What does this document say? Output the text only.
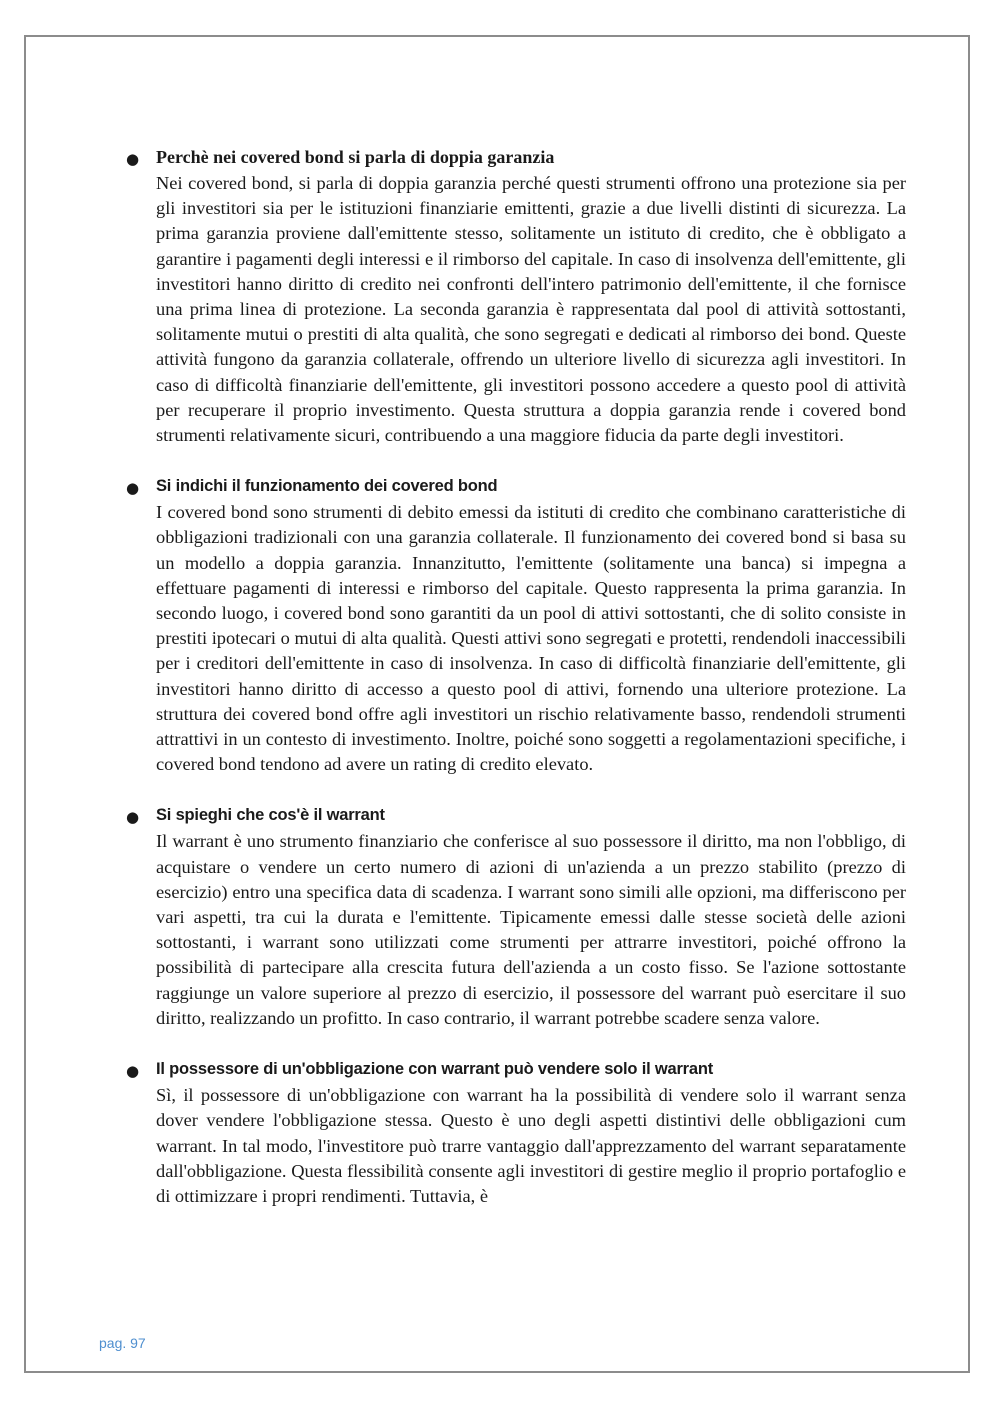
● Perchè nei covered bond si parla di doppia garanzia

Nei covered bond, si parla di doppia garanzia perché questi strumenti offrono una protezione sia per gli investitori sia per le istituzioni finanziarie emittenti, grazie a due livelli distinti di sicurezza. La prima garanzia proviene dall'emittente stesso, solitamente un istituto di credito, che è obbligato a garantire i pagamenti degli interessi e il rimborso del capitale. In caso di insolvenza dell'emittente, gli investitori hanno diritto di credito nei confronti dell'intero patrimonio dell'emittente, il che fornisce una prima linea di protezione. La seconda garanzia è rappresentata dal pool di attività sottostanti, solitamente mutui o prestiti di alta qualità, che sono segregati e dedicati al rimborso dei bond. Queste attività fungono da garanzia collaterale, offrendo un ulteriore livello di sicurezza agli investitori. In caso di difficoltà finanziarie dell'emittente, gli investitori possono accedere a questo pool di attività per recuperare il proprio investimento. Questa struttura a doppia garanzia rende i covered bond strumenti relativamente sicuri, contribuendo a una maggiore fiducia da parte degli investitori.

● Si indichi il funzionamento dei covered bond

I covered bond sono strumenti di debito emessi da istituti di credito che combinano caratteristiche di obbligazioni tradizionali con una garanzia collaterale. Il funzionamento dei covered bond si basa su un modello a doppia garanzia. Innanzitutto, l'emittente (solitamente una banca) si impegna a effettuare pagamenti di interessi e rimborso del capitale. Questo rappresenta la prima garanzia. In secondo luogo, i covered bond sono garantiti da un pool di attivi sottostanti, che di solito consiste in prestiti ipotecari o mutui di alta qualità. Questi attivi sono segregati e protetti, rendendoli inaccessibili per i creditori dell'emittente in caso di insolvenza. In caso di difficoltà finanziarie dell'emittente, gli investitori hanno diritto di accesso a questo pool di attivi, fornendo una ulteriore protezione. La struttura dei covered bond offre agli investitori un rischio relativamente basso, rendendoli strumenti attrattivi in un contesto di investimento. Inoltre, poiché sono soggetti a regolamentazioni specifiche, i covered bond tendono ad avere un rating di credito elevato.

● Si spieghi che cos'è il warrant

Il warrant è uno strumento finanziario che conferisce al suo possessore il diritto, ma non l'obbligo, di acquistare o vendere un certo numero di azioni di un'azienda a un prezzo stabilito (prezzo di esercizio) entro una specifica data di scadenza. I warrant sono simili alle opzioni, ma differiscono per vari aspetti, tra cui la durata e l'emittente. Tipicamente emessi dalle stesse società delle azioni sottostanti, i warrant sono utilizzati come strumenti per attrarre investitori, poiché offrono la possibilità di partecipare alla crescita futura dell'azienda a un costo fisso. Se l'azione sottostante raggiunge un valore superiore al prezzo di esercizio, il possessore del warrant può esercitare il suo diritto, realizzando un profitto. In caso contrario, il warrant potrebbe scadere senza valore.

● Il possessore di un'obbligazione con warrant può vendere solo il warrant

Sì, il possessore di un'obbligazione con warrant ha la possibilità di vendere solo il warrant senza dover vendere l'obbligazione stessa. Questo è uno degli aspetti distintivi delle obbligazioni cum warrant. In tal modo, l'investitore può trarre vantaggio dall'apprezzamento del warrant separatamente dall'obbligazione. Questa flessibilità consente agli investitori di gestire meglio il proprio portafoglio e di ottimizzare i propri rendimenti. Tuttavia, è

pag. 97
